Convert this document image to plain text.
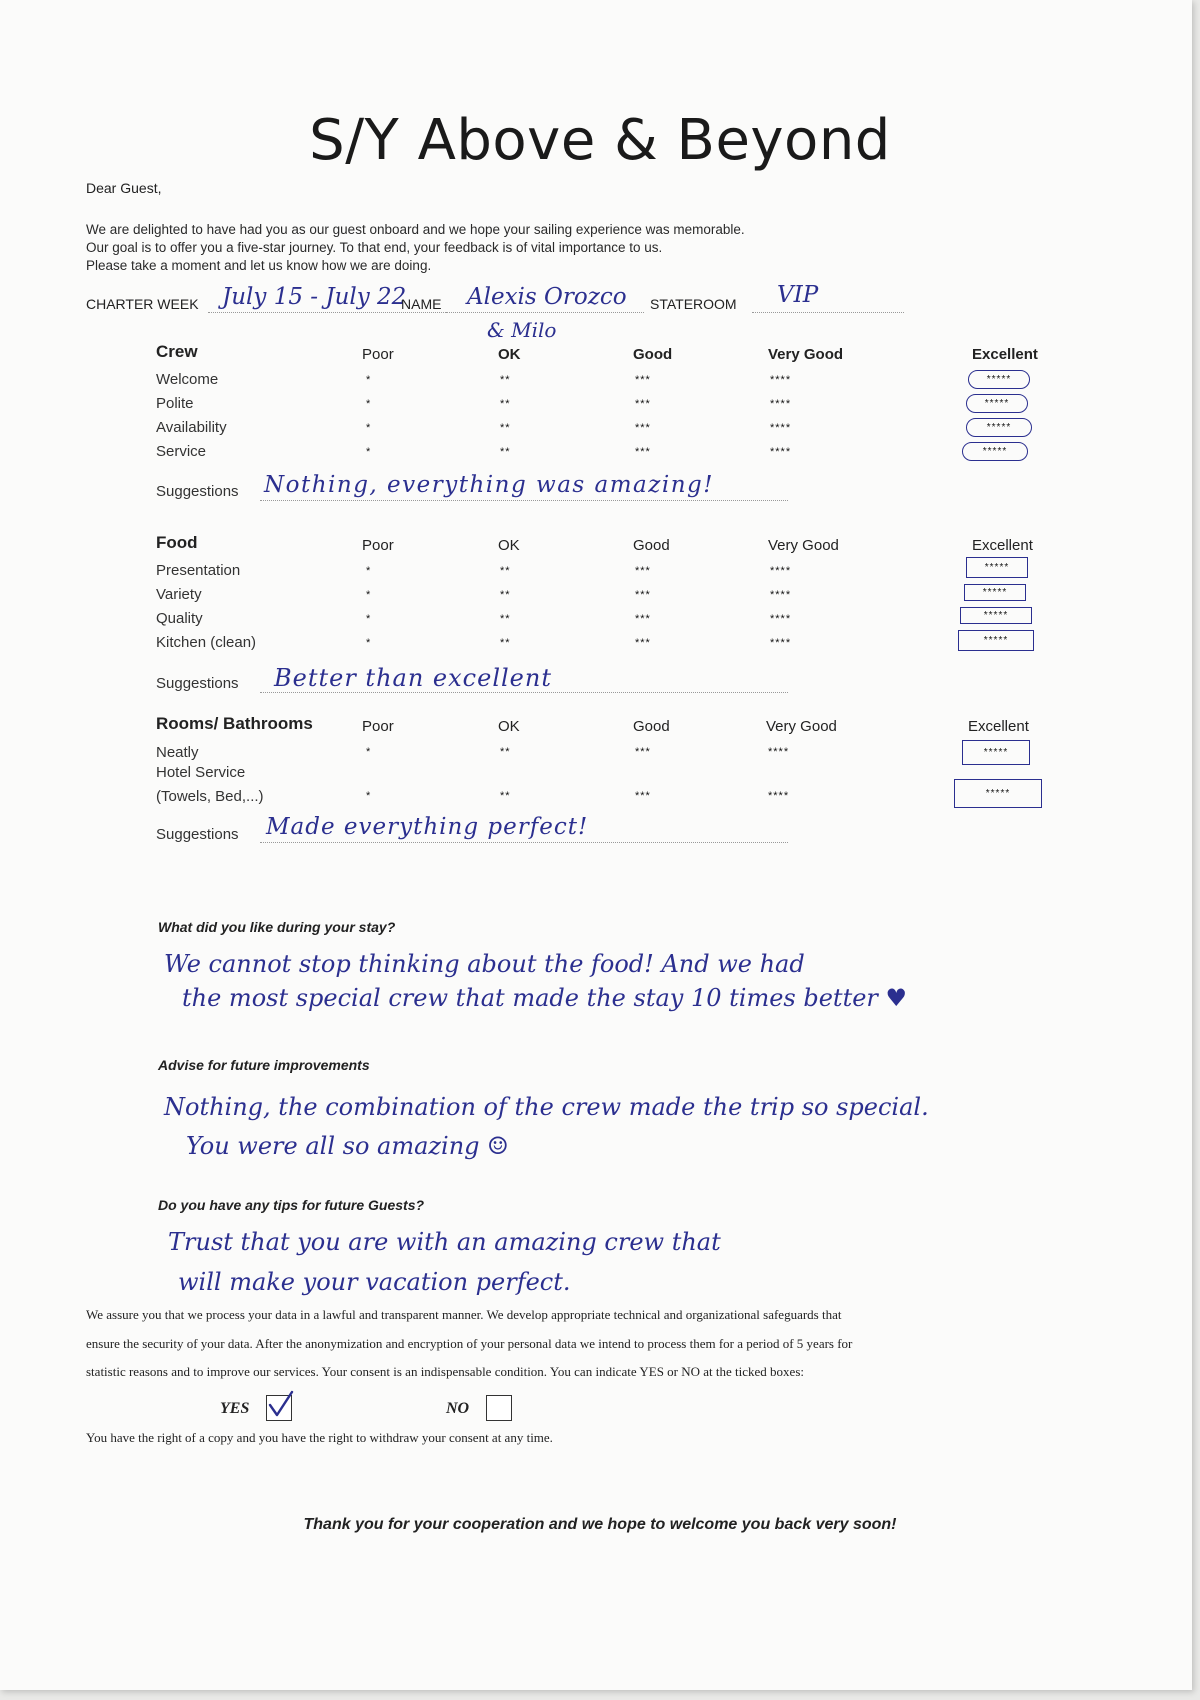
S/Y Above & Beyond
Dear Guest,
We are delighted to have had you as our guest onboard and we hope your sailing experience was memorable.
Our goal is to offer you a five-star journey. To that end, your feedback is of vital importance to us.
Please take a moment and let us know how we are doing.
CHARTER WEEK July 15 - July 22
NAME Alexis Orozco
& Milo
STATEROOM VIP
Crew	Poor	OK	Good	Very Good	Excellent
Welcome	*	**	***	****	*****
Polite	*	**	***	****	*****
Availability	*	**	***	****	*****
Service	*	**	***	****	*****
Suggestions Nothing, everything was amazing!
Food	Poor	OK	Good	Very Good	Excellent
Presentation	*	**	***	****	*****
Variety	*	**	***	****	*****
Quality	*	**	***	****	*****
Kitchen (clean)	*	**	***	****	*****
Suggestions Better than excellent
Rooms/ Bathrooms	Poor	OK	Good	Very Good	Excellent
Neatly	*	**	***	****	*****
Hotel Service
(Towels, Bed,...)	*	**	***	****	*****
Suggestions Made everything perfect!
What did you like during your stay?
We cannot stop thinking about the food! And we had
the most special crew that made the stay 10 times better ♥
Advise for future improvements
Nothing, the combination of the crew made the trip so special.
You were all so amazing ☺
Do you have any tips for future Guests?
Trust that you are with an amazing crew that
will make your vacation perfect.
We assure you that we process your data in a lawful and transparent manner. We develop appropriate technical and organizational safeguards that
ensure the security of your data. After the anonymization and encryption of your personal data we intend to process them for a period of 5 years for
statistic reasons and to improve our services. Your consent is an indispensable condition. You can indicate YES or NO at the ticked boxes:
YES	NO
You have the right of a copy and you have the right to withdraw your consent at any time.
Thank you for your cooperation and we hope to welcome you back very soon!
